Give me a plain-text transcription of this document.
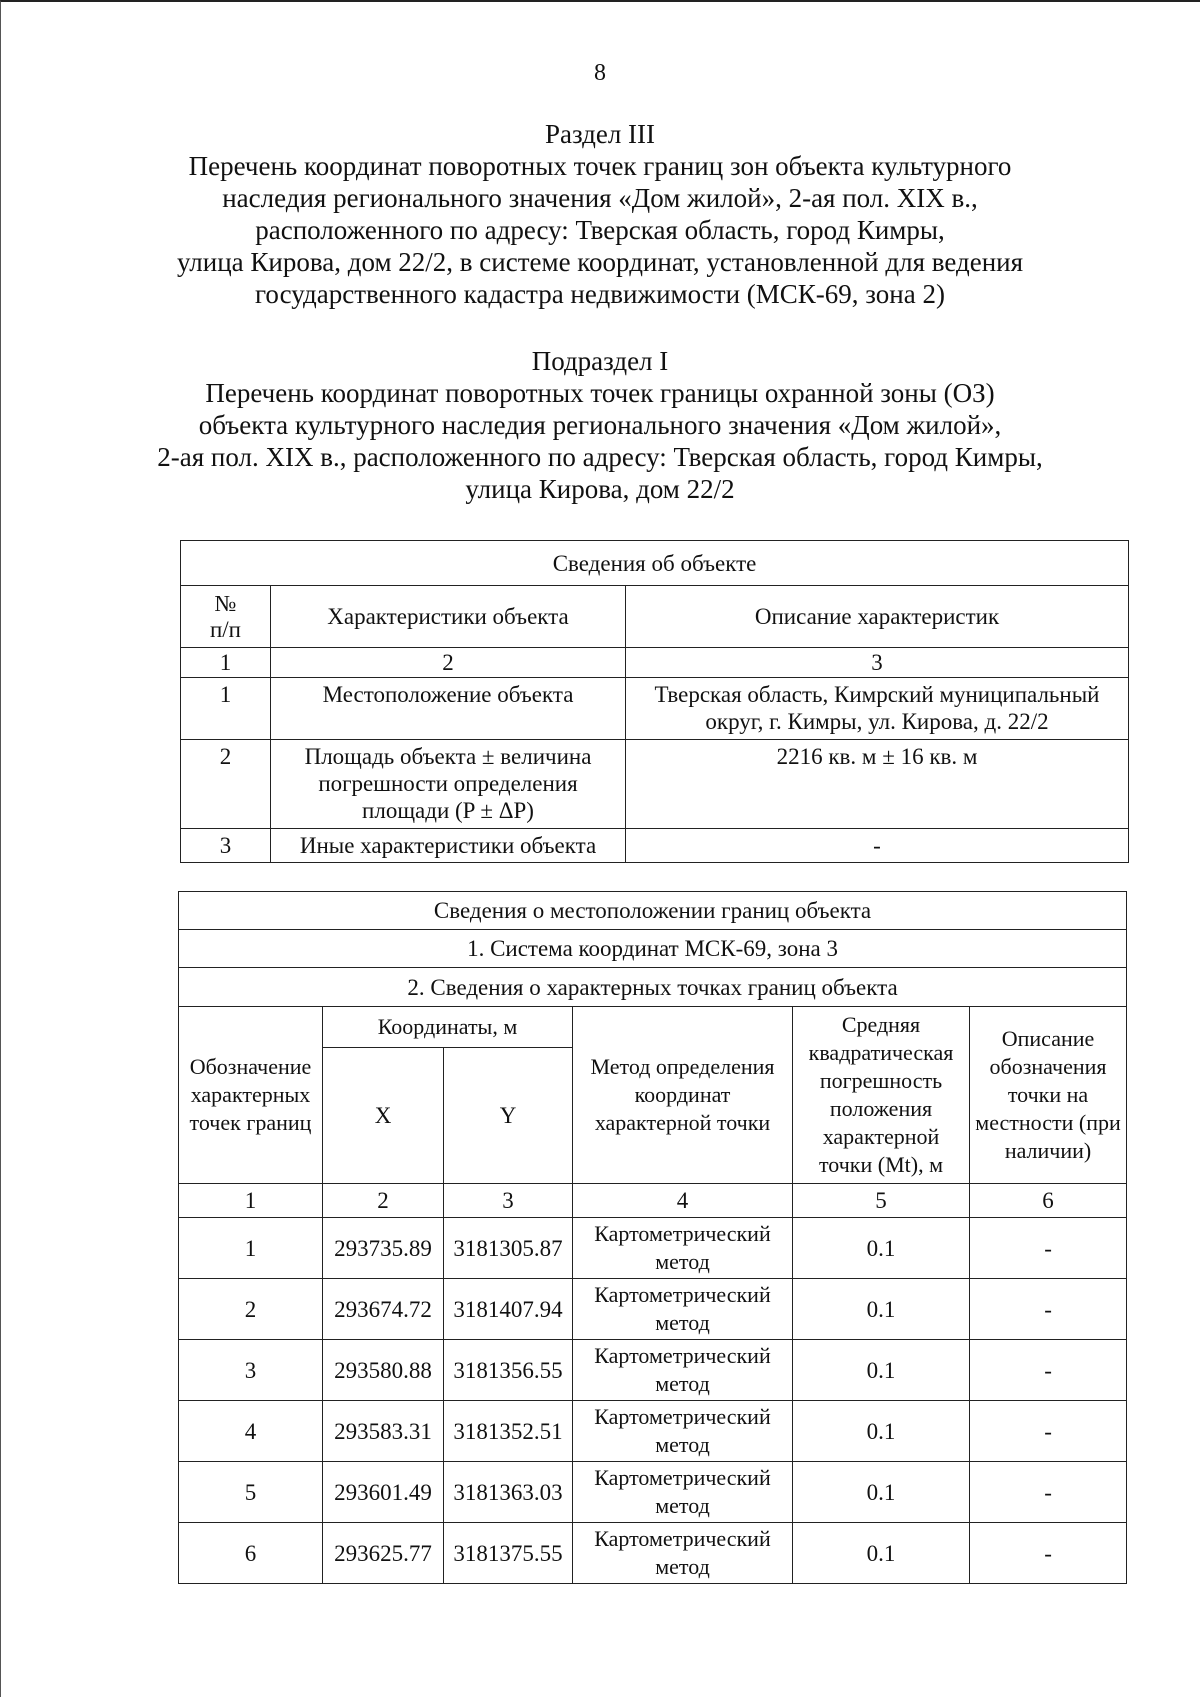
8
Раздел III
Перечень координат поворотных точек границ зон объекта культурного
наследия регионального значения «Дом жилой», 2-ая пол. XIX в.,
расположенного по адресу: Тверская область, город Кимры,
улица Кирова, дом 22/2, в системе координат, установленной для ведения
государственного кадастра недвижимости (МСК-69, зона 2)
Подраздел I
Перечень координат поворотных точек границы охранной зоны (ОЗ)
объекта культурного наследия регионального значения «Дом жилой»,
2-ая пол. XIX в., расположенного по адресу: Тверская область, город Кимры,
улица Кирова, дом 22/2
Сведения об объекте		
№
п/п	Характеристики объекта	Описание характеристик
1	2	3
1	Местоположение объекта	Тверская область, Кимрский муниципальный округ, г. Кимры, ул. Кирова, д. 22/2
2	Площадь объекта ± величина погрешности определения площади (P ± ΔP)	2216 кв. м ± 16 кв. м
3	Иные характеристики объекта	-
Сведения о местоположении границ объекта					
1. Система координат МСК-69, зона 3					
2. Сведения о характерных точках границ объекта					
Обозначение характерных точек границ	Координаты, м		Метод определения координат характерной точки	Средняя квадратическая погрешность положения характерной точки (Mt), м	Описание обозначения точки на местности (при наличии)
	X	Y			
1	2	3	4	5	6
1	293735.89	3181305.87	Картометрический метод	0.1	-
2	293674.72	3181407.94	Картометрический метод	0.1	-
3	293580.88	3181356.55	Картометрический метод	0.1	-
4	293583.31	3181352.51	Картометрический метод	0.1	-
5	293601.49	3181363.03	Картометрический метод	0.1	-
6	293625.77	3181375.55	Картометрический метод	0.1	-
